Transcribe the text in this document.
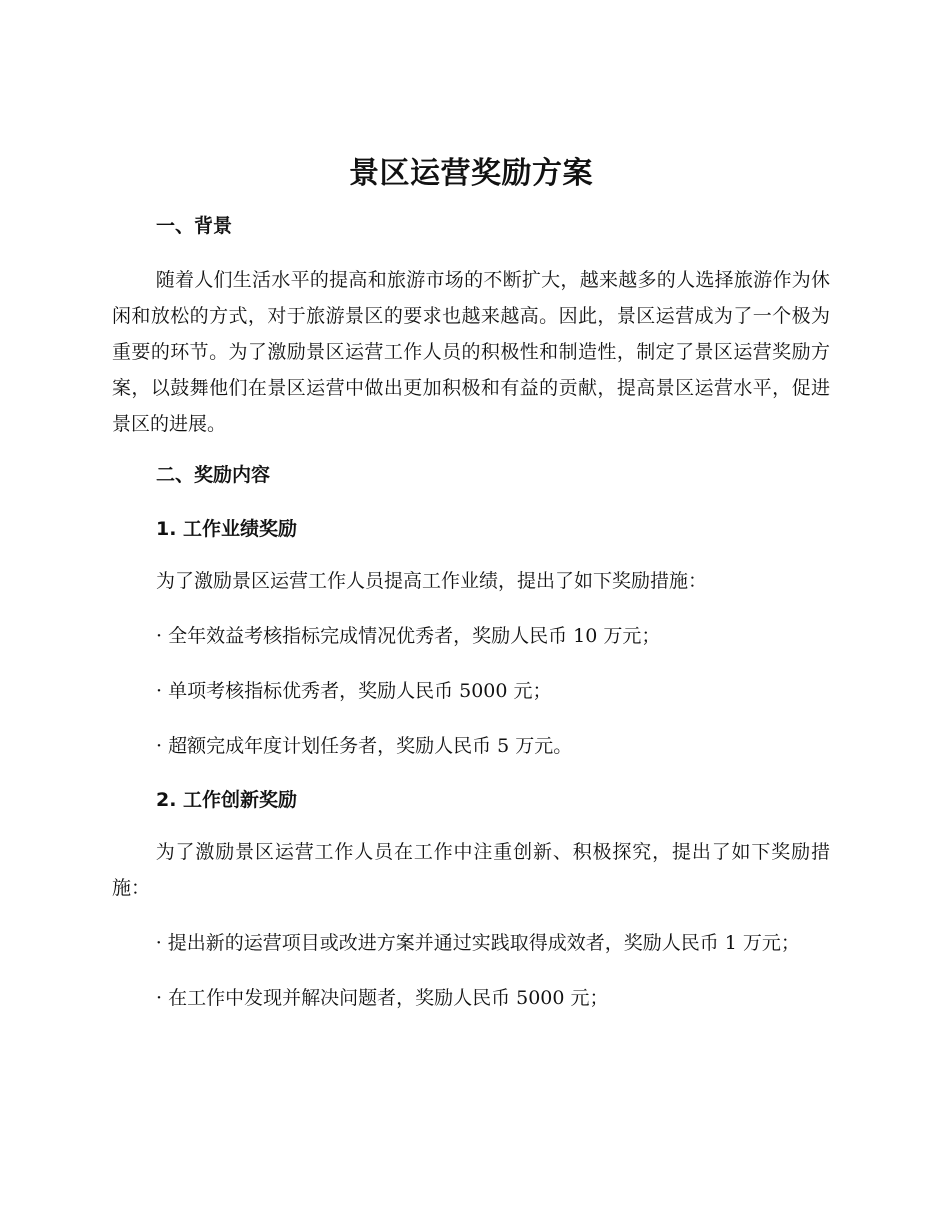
景区运营奖励方案

一、背景

随着人们生活水平的提高和旅游市场的不断扩大，越来越多的人选择旅游作为休闲和放松的方式，对于旅游景区的要求也越来越高。因此，景区运营成为了一个极为重要的环节。为了激励景区运营工作人员的积极性和制造性，制定了景区运营奖励方案，以鼓舞他们在景区运营中做出更加积极和有益的贡献，提高景区运营水平，促进景区的进展。

二、奖励内容

1. 工作业绩奖励

为了激励景区运营工作人员提高工作业绩，提出了如下奖励措施：

· 全年效益考核指标完成情况优秀者，奖励人民币 10 万元；

· 单项考核指标优秀者，奖励人民币 5000 元；

· 超额完成年度计划任务者，奖励人民币 5 万元。

2. 工作创新奖励

为了激励景区运营工作人员在工作中注重创新、积极探究，提出了如下奖励措施：

· 提出新的运营项目或改进方案并通过实践取得成效者，奖励人民币 1 万元；

· 在工作中发现并解决问题者，奖励人民币 5000 元；
